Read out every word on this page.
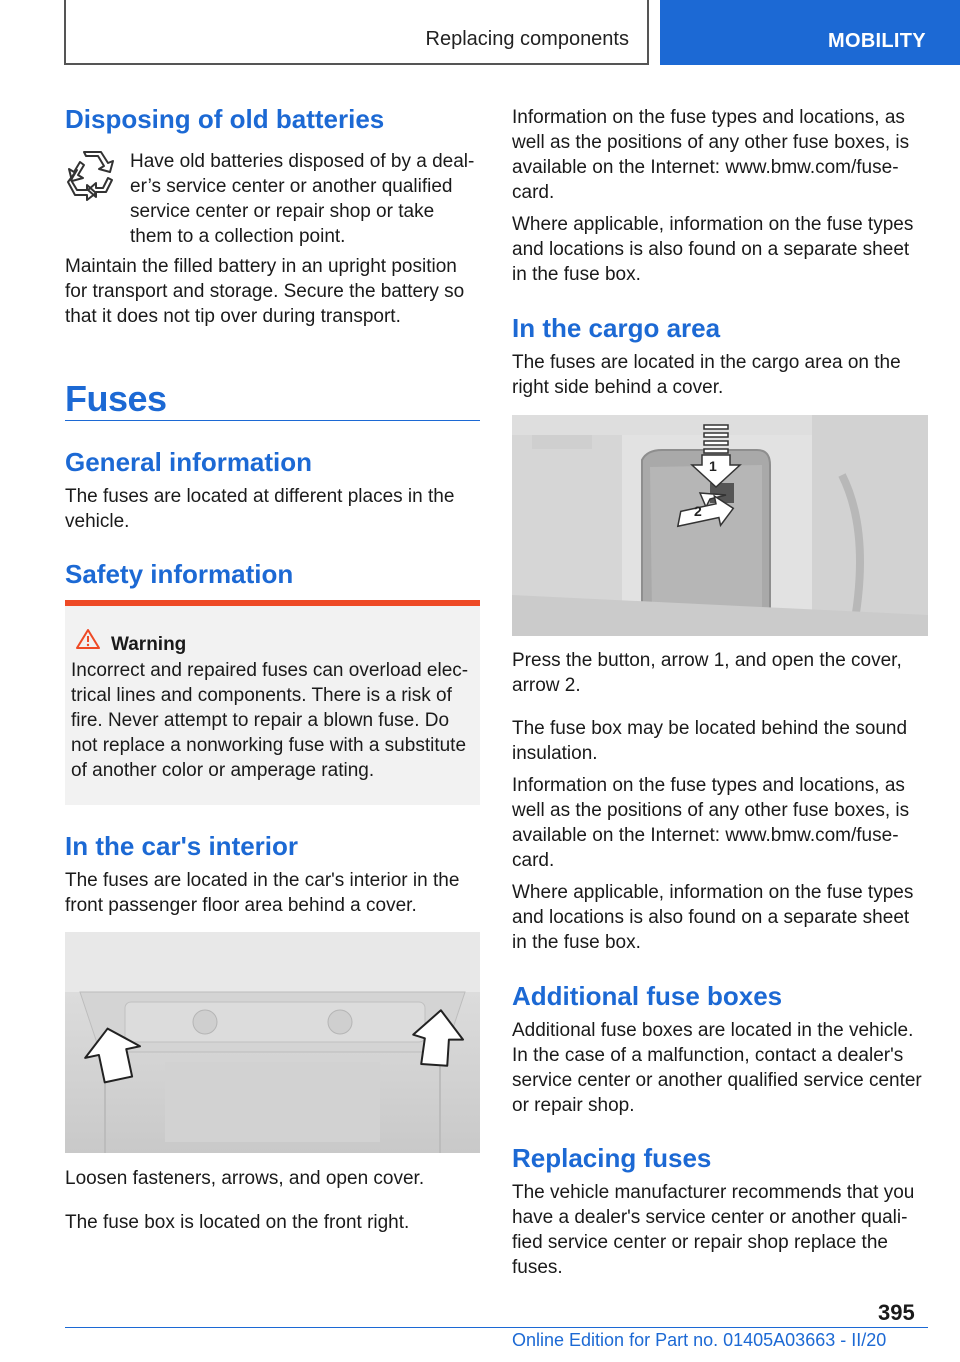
Replacing components	MOBILITY
Disposing of old batteries

Have old batteries disposed of by a deal-er’s service center or another qualified service center or repair shop or take them to a collection point.

Maintain the filled battery in an upright position for transport and storage. Secure the battery so that it does not tip over during transport.

Fuses
General information

The fuses are located at different places in the vehicle.

Safety information
Warning

Incorrect and repaired fuses can overload elec-trical lines and components. There is a risk of fire. Never attempt to repair a blown fuse. Do not replace a nonworking fuse with a substitute of another color or amperage rating.

In the car's interior

The fuses are located in the car's interior in the front passenger floor area behind a cover.

Loosen fasteners, arrows, and open cover.

The fuse box is located on the front right.

Information on the fuse types and locations, as well as the positions of any other fuse boxes, is available on the Internet: www.bmw.com/fuse-card.

Where applicable, information on the fuse types and locations is also found on a separate sheet in the fuse box.

In the cargo area

The fuses are located in the cargo area on the right side behind a cover.

1
2

Press the button, arrow 1, and open the cover, arrow 2.

The fuse box may be located behind the sound insulation.

Information on the fuse types and locations, as well as the positions of any other fuse boxes, is available on the Internet: www.bmw.com/fuse-card.

Where applicable, information on the fuse types and locations is also found on a separate sheet in the fuse box.

Additional fuse boxes

Additional fuse boxes are located in the vehicle. In the case of a malfunction, contact a dealer's service center or another qualified service center or repair shop.

Replacing fuses

The vehicle manufacturer recommends that you have a dealer's service center or another quali-fied service center or repair shop replace the fuses.

395
Online Edition for Part no. 01405A03663 - II/20
